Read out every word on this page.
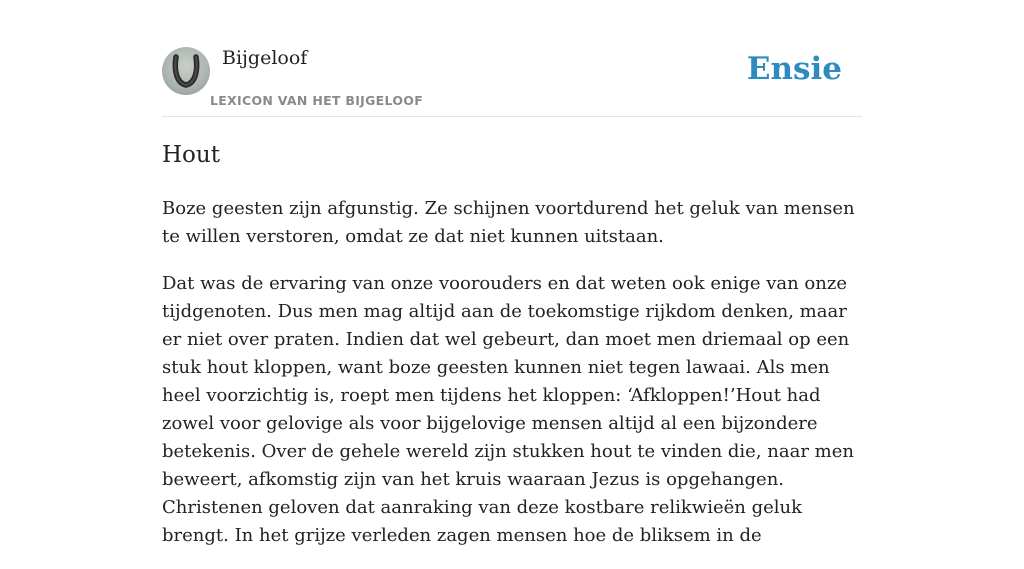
Bijgeloof
LEXICON VAN HET BIJGELOOF
Ensie
Hout

Boze geesten zijn afgunstig. Ze schijnen voortdurend het geluk van mensen te willen verstoren, omdat ze dat niet kunnen uitstaan.

Dat was de ervaring van onze voorouders en dat weten ook enige van onze tijdgenoten. Dus men mag altijd aan de toekomstige rijkdom denken, maar er niet over praten. Indien dat wel gebeurt, dan moet men driemaal op een stuk hout kloppen, want boze geesten kunnen niet tegen lawaai. Als men heel voorzichtig is, roept men tijdens het kloppen: ‘Afkloppen!’Hout had zowel voor gelovige als voor bijgelovige mensen altijd al een bijzondere betekenis. Over de gehele wereld zijn stukken hout te vinden die, naar men beweert, afkomstig zijn van het kruis waaraan Jezus is opgehangen. Christenen geloven dat aanraking van deze kostbare relikwieën geluk brengt. In het grijze verleden zagen mensen hoe de bliksem in de
